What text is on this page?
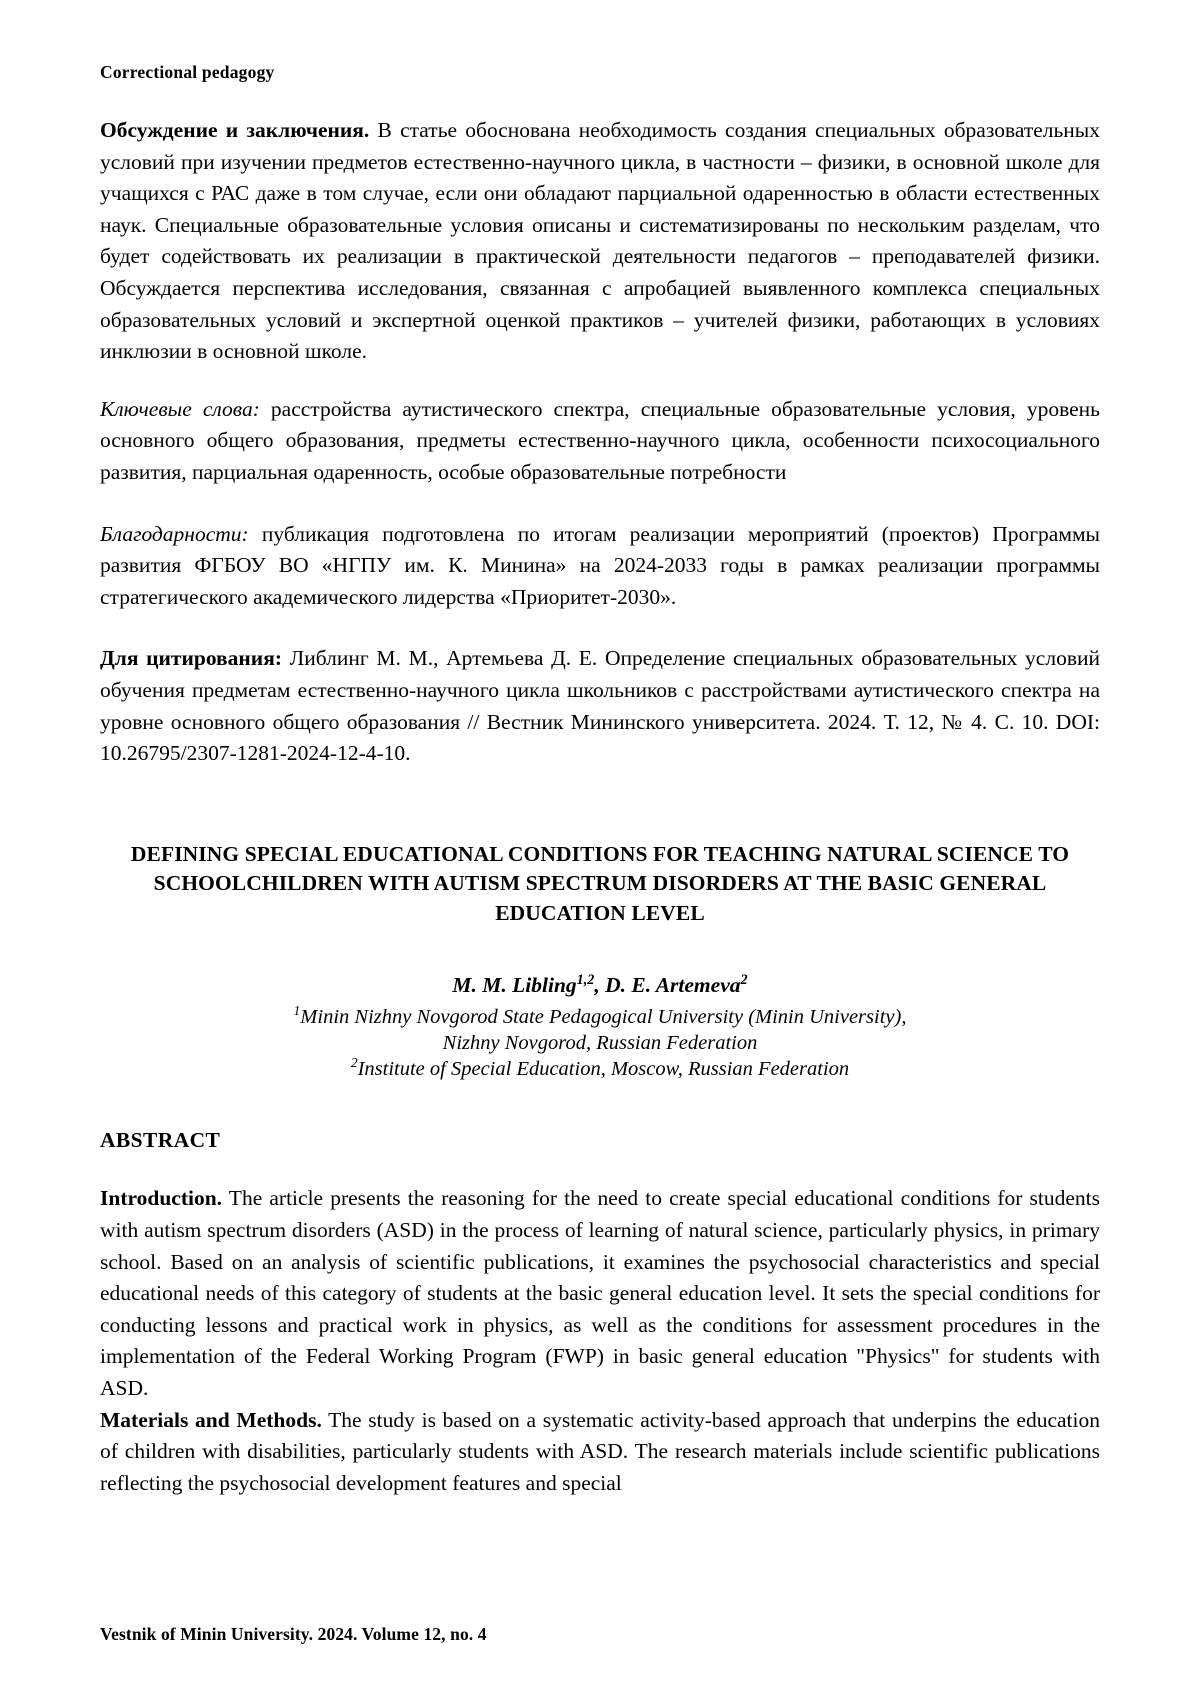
Correctional pedagogy

Обсуждение и заключения. В статье обоснована необходимость создания специальных образовательных условий при изучении предметов естественно-научного цикла, в частности – физики, в основной школе для учащихся с РАС даже в том случае, если они обладают парциальной одаренностью в области естественных наук. Специальные образовательные условия описаны и систематизированы по нескольким разделам, что будет содействовать их реализации в практической деятельности педагогов – преподавателей физики. Обсуждается перспектива исследования, связанная с апробацией выявленного комплекса специальных образовательных условий и экспертной оценкой практиков – учителей физики, работающих в условиях инклюзии в основной школе.

Ключевые слова: расстройства аутистического спектра, специальные образовательные условия, уровень основного общего образования, предметы естественно-научного цикла, особенности психосоциального развития, парциальная одаренность, особые образовательные потребности

Благодарности: публикация подготовлена по итогам реализации мероприятий (проектов) Программы развития ФГБОУ ВО «НГПУ им. К. Минина» на 2024-2033 годы в рамках реализации программы стратегического академического лидерства «Приоритет-2030».

Для цитирования: Либлинг М. М., Артемьева Д. Е. Определение специальных образовательных условий обучения предметам естественно-научного цикла школьников с расстройствами аутистического спектра на уровне основного общего образования // Вестник Мининского университета. 2024. Т. 12, № 4. С. 10. DOI: 10.26795/2307-1281-2024-12-4-10.

DEFINING SPECIAL EDUCATIONAL CONDITIONS FOR TEACHING NATURAL SCIENCE TO SCHOOLCHILDREN WITH AUTISM SPECTRUM DISORDERS AT THE BASIC GENERAL EDUCATION LEVEL
M. M. Libling$^{1,2}$, D. E. Artemeva$^2$
$^1$Minin Nizhny Novgorod State Pedagogical University (Minin University),
Nizhny Novgorod, Russian Federation
$^2$Institute of Special Education, Moscow, Russian Federation
ABSTRACT

Introduction. The article presents the reasoning for the need to create special educational conditions for students with autism spectrum disorders (ASD) in the process of learning of natural science, particularly physics, in primary school. Based on an analysis of scientific publications, it examines the psychosocial characteristics and special educational needs of this category of students at the basic general education level. It sets the special conditions for conducting lessons and practical work in physics, as well as the conditions for assessment procedures in the implementation of the Federal Working Program (FWP) in basic general education "Physics" for students with ASD.

Materials and Methods. The study is based on a systematic activity-based approach that underpins the education of children with disabilities, particularly students with ASD. The research materials include scientific publications reflecting the psychosocial development features and special

Vestnik of Minin University. 2024. Volume 12, no. 4
